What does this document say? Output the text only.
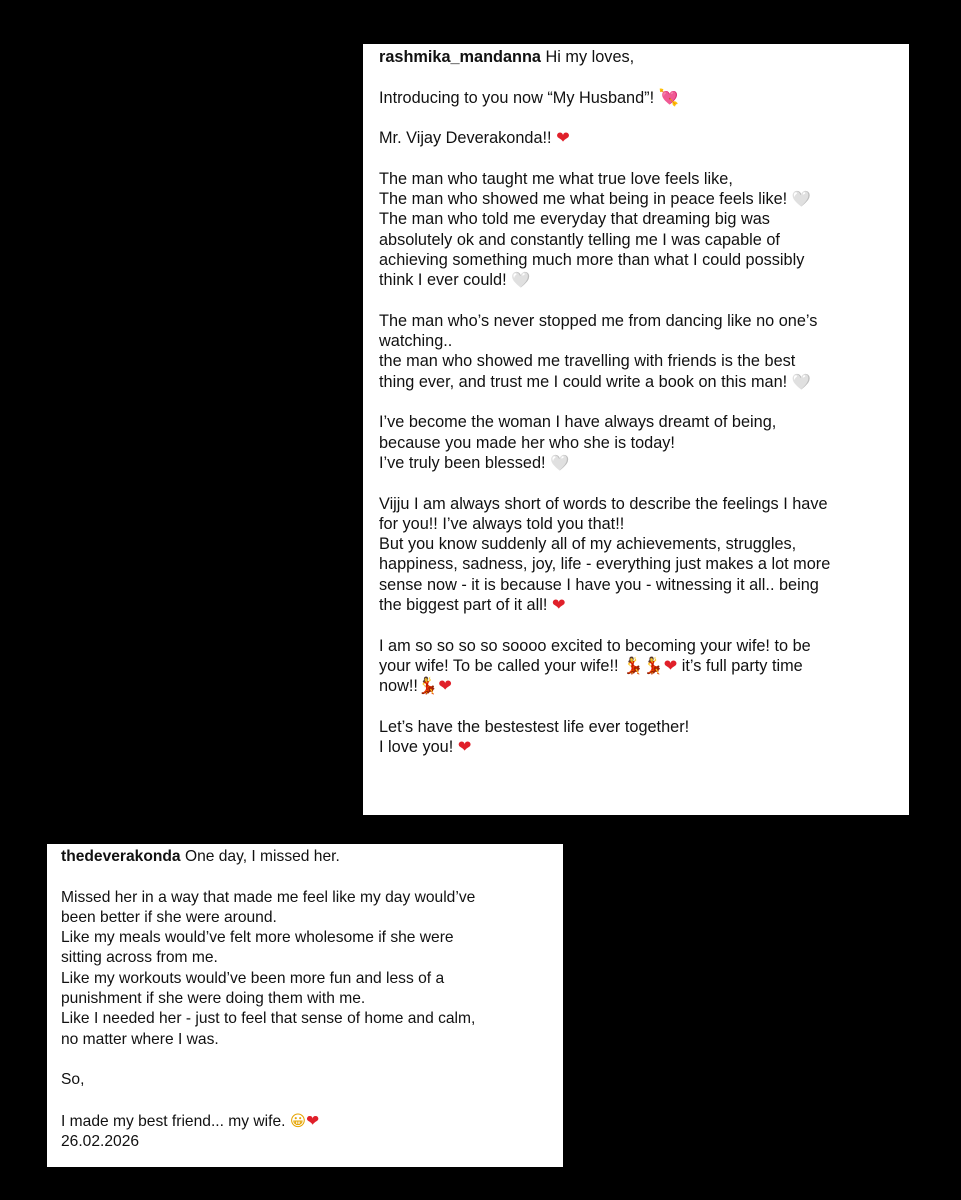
rashmika_mandanna Hi my loves,
Introducing to you now “My Husband”! 💘
Mr. Vijay Deverakonda!! ❤
The man who taught me what true love feels like,
The man who showed me what being in peace feels like! 🤍
The man who told me everyday that dreaming big was
absolutely ok and constantly telling me I was capable of
achieving something much more than what I could possibly
think I ever could! 🤍
The man who’s never stopped me from dancing like no one’s
watching..
the man who showed me travelling with friends is the best
thing ever, and trust me I could write a book on this man! 🤍
I’ve become the woman I have always dreamt of being,
because you made her who she is today!
I’ve truly been blessed! 🤍
Vijju I am always short of words to describe the feelings I have
for you!! I’ve always told you that!!
But you know suddenly all of my achievements, struggles,
happiness, sadness, joy, life - everything just makes a lot more
sense now - it is because I have you - witnessing it all.. being
the biggest part of it all! ❤
I am so so so so soooo excited to becoming your wife! to be
your wife! To be called your wife!! 💃💃❤ it’s full party time
now!!💃❤
Let’s have the bestestest life ever together!
I love you! ❤
thedeverakonda One day, I missed her.
Missed her in a way that made me feel like my day would’ve
been better if she were around.
Like my meals would’ve felt more wholesome if she were
sitting across from me.
Like my workouts would’ve been more fun and less of a
punishment if she were doing them with me.
Like I needed her - just to feel that sense of home and calm,
no matter where I was.
So,
I made my best friend... my wife. 😀❤
26.02.2026
